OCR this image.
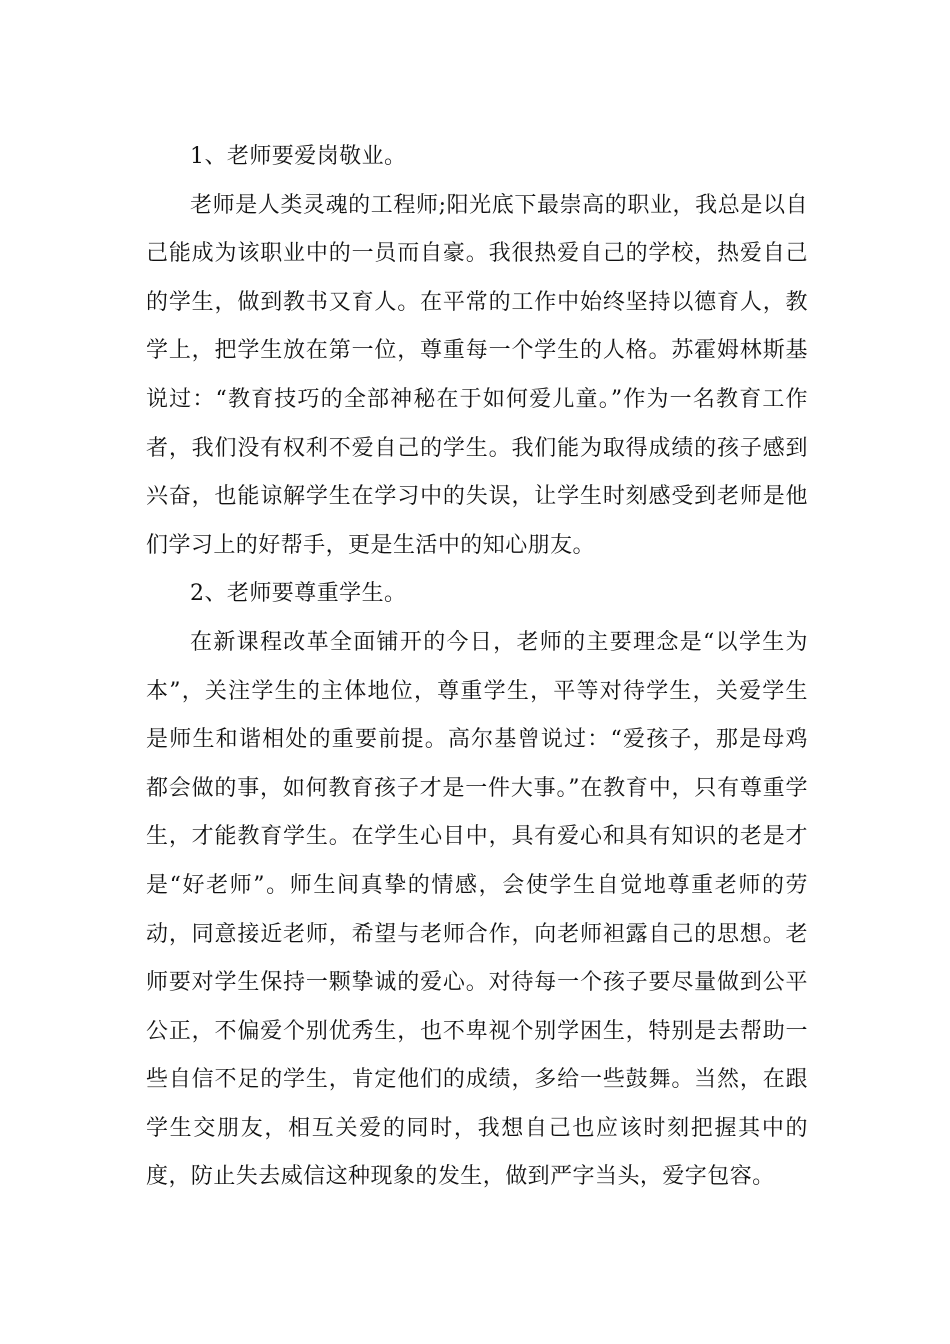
1、老师要爱岗敬业。

老师是人类灵魂的工程师;阳光底下最崇高的职业，我总是以自己能成为该职业中的一员而自豪。我很热爱自己的学校，热爱自己的学生，做到教书又育人。在平常的工作中始终坚持以德育人，教学上，把学生放在第一位，尊重每一个学生的人格。苏霍姆林斯基说过：“教育技巧的全部神秘在于如何爱儿童。”作为一名教育工作者，我们没有权利不爱自己的学生。我们能为取得成绩的孩子感到兴奋，也能谅解学生在学习中的失误，让学生时刻感受到老师是他们学习上的好帮手，更是生活中的知心朋友。

2、老师要尊重学生。

在新课程改革全面铺开的今日，老师的主要理念是“以学生为本”，关注学生的主体地位，尊重学生，平等对待学生，关爱学生是师生和谐相处的重要前提。高尔基曾说过：“爱孩子，那是母鸡都会做的事，如何教育孩子才是一件大事。”在教育中，只有尊重学生，才能教育学生。在学生心目中，具有爱心和具有知识的老是才是“好老师”。师生间真挚的情感，会使学生自觉地尊重老师的劳动，同意接近老师，希望与老师合作，向老师袒露自己的思想。老师要对学生保持一颗挚诚的爱心。对待每一个孩子要尽量做到公平公正，不偏爱个别优秀生，也不卑视个别学困生，特别是去帮助一些自信不足的学生，肯定他们的成绩，多给一些鼓舞。当然，在跟学生交朋友，相互关爱的同时，我想自己也应该时刻把握其中的度，防止失去威信这种现象的发生，做到严字当头，爱字包容。
